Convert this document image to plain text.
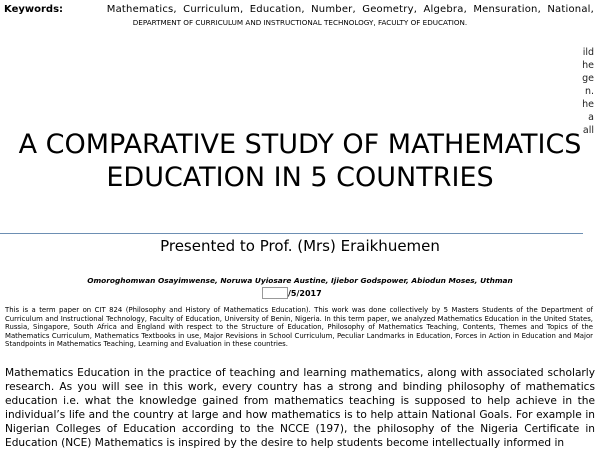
Keywords:	Mathematics, Curriculum, Education, Number, Geometry, Algebra, Mensuration, National,
DEPARTMENT OF CURRICULUM AND INSTRUCTIONAL TECHNOLOGY, FACULTY OF EDUCATION.
ild
he
ge
n.
he
a
all
A COMPARATIVE STUDY OF MATHEMATICS EDUCATION IN 5 COUNTRIES
Presented to Prof. (Mrs) Eraikhuemen
Omoroghomwan Osayimwense, Noruwa Uyiosare Austine, Ijiebor Godspower, Abiodun Moses, Uthman
/5/2017
This is a term paper on CIT 824 (Philosophy and History of Mathematics Education). This work was done collectively by 5 Masters Students of the Department of Curriculum and Instructional Technology, Faculty of Education, University of Benin, Nigeria. In this term paper, we analyzed Mathematics Education in the United States, Russia, Singapore, South Africa and England with respect to the Structure of Education, Philosophy of Mathematics Teaching, Contents, Themes and Topics of the Mathematics Curriculum, Mathematics Textbooks in use, Major Revisions in School Curriculum, Peculiar Landmarks in Education, Forces in Action in Education and Major Standpoints in Mathematics Teaching, Learning and Evaluation in these countries.
Mathematics Education in the practice of teaching and learning mathematics, along with associated scholarly research. As you will see in this work, every country has a strong and binding philosophy of mathematics education i.e. what the knowledge gained from mathematics teaching is supposed to help achieve in the individual’s life and the country at large and how mathematics is to help attain National Goals. For example in Nigerian Colleges of Education according to the NCCE (197), the philosophy of the Nigeria Certificate in Education (NCE) Mathematics is inspired by the desire to help students become intellectually informed in
